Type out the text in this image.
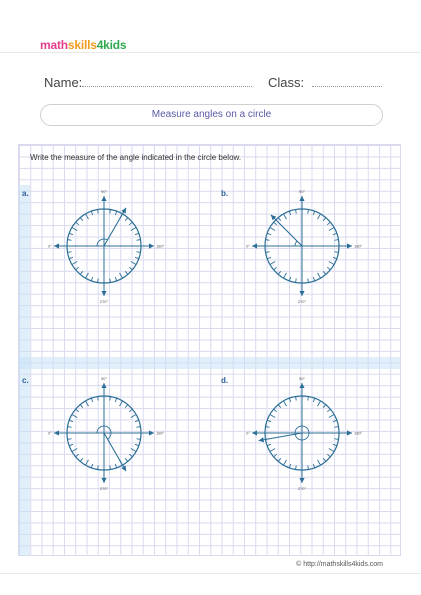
mathskills4kids
Name:	Class:
Measure angles on a circle
Write the measure of the angle indicated in the circle below.
a.	b.
c.	d.
90°
270°
0°	180°
90°
270°
0°	180°
90°
270°
0°	180°
90°
270°
0°	180°
© http://mathskills4kids.com
